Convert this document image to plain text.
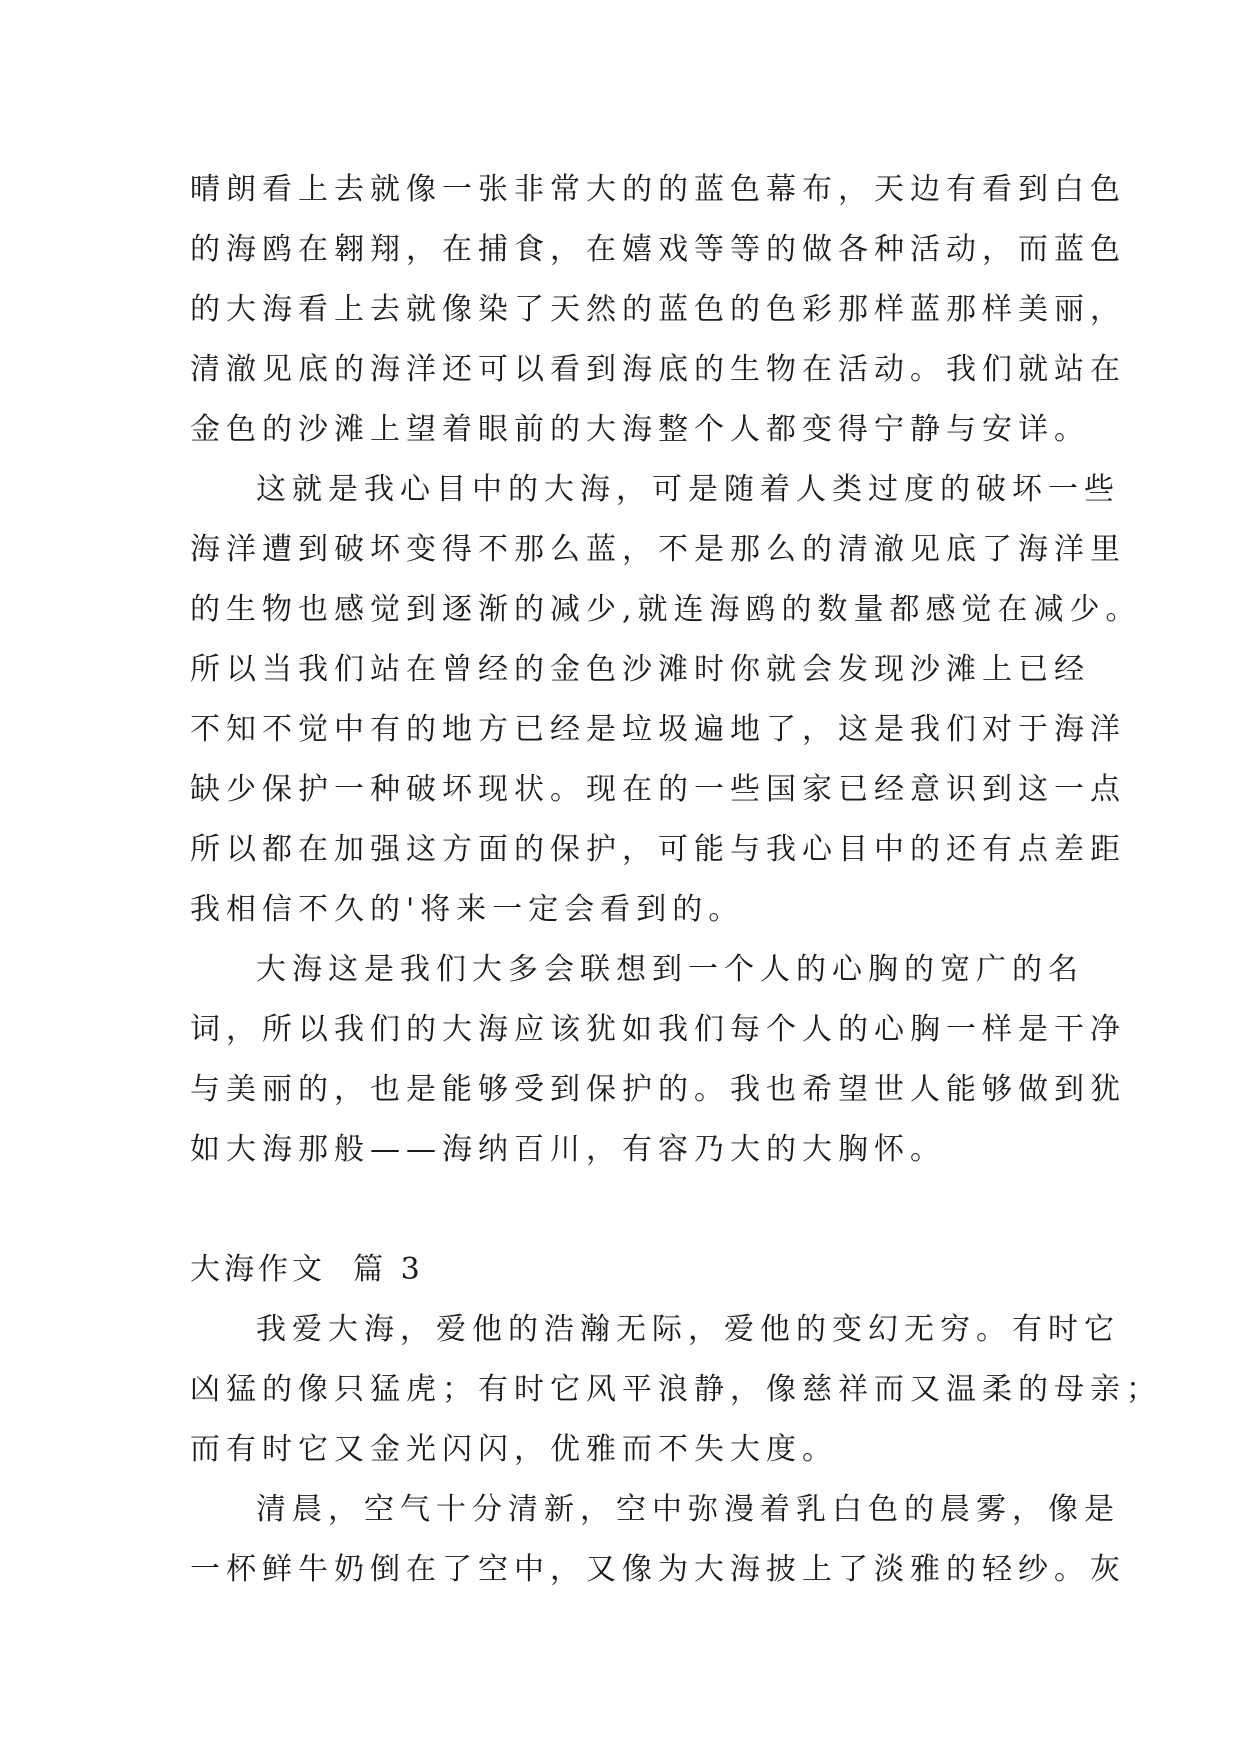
晴朗看上去就像一张非常大的的蓝色幕布，天边有看到白色

的海鸥在翱翔，在捕食，在嬉戏等等的做各种活动，而蓝色

的大海看上去就像染了天然的蓝色的色彩那样蓝那样美丽，

清澈见底的海洋还可以看到海底的生物在活动。我们就站在

金色的沙滩上望着眼前的大海整个人都变得宁静与安详。

这就是我心目中的大海，可是随着人类过度的破坏一些

海洋遭到破坏变得不那么蓝，不是那么的清澈见底了海洋里

的生物也感觉到逐渐的减少,就连海鸥的数量都感觉在减少。

所以当我们站在曾经的金色沙滩时你就会发现沙滩上已经

不知不觉中有的地方已经是垃圾遍地了，这是我们对于海洋

缺少保护一种破坏现状。现在的一些国家已经意识到这一点

所以都在加强这方面的保护，可能与我心目中的还有点差距

我相信不久的'将来一定会看到的。

大海这是我们大多会联想到一个人的心胸的宽广的名

词，所以我们的大海应该犹如我们每个人的心胸一样是干净

与美丽的，也是能够受到保护的。我也希望世人能够做到犹

如大海那般——海纳百川，有容乃大的大胸怀。

大海作文  篇 3

我爱大海，爱他的浩瀚无际，爱他的变幻无穷。有时它

凶猛的像只猛虎；有时它风平浪静，像慈祥而又温柔的母亲；

而有时它又金光闪闪，优雅而不失大度。

清晨，空气十分清新，空中弥漫着乳白色的晨雾，像是

一杯鲜牛奶倒在了空中，又像为大海披上了淡雅的轻纱。灰
